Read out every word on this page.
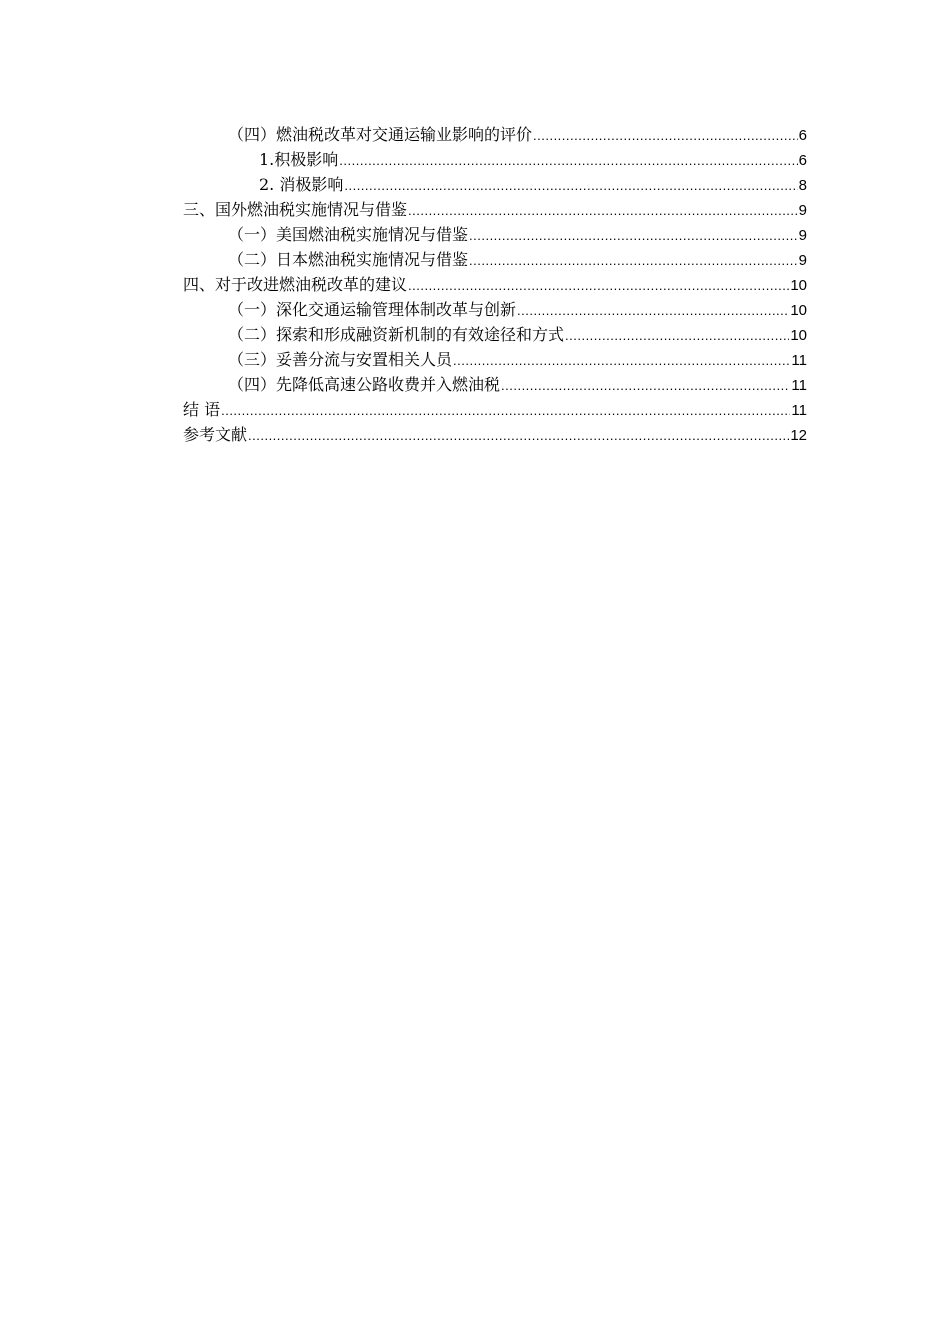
（四）燃油税改革对交通运输业影响的评价 .....	6
1.积极影响 .....	6
2. 消极影响 .....	8
三、国外燃油税实施情况与借鉴 .....	9
（一）美国燃油税实施情况与借鉴 .....	9
（二）日本燃油税实施情况与借鉴 .....	9
四、对于改进燃油税改革的建议 .....	10
（一）深化交通运输管理体制改革与创新 .....	10
（二）探索和形成融资新机制的有效途径和方式 .....	10
（三）妥善分流与安置相关人员 .....	11
（四）先降低高速公路收费并入燃油税 .....	11
结 语 .....	11
参考文献 .....	12
